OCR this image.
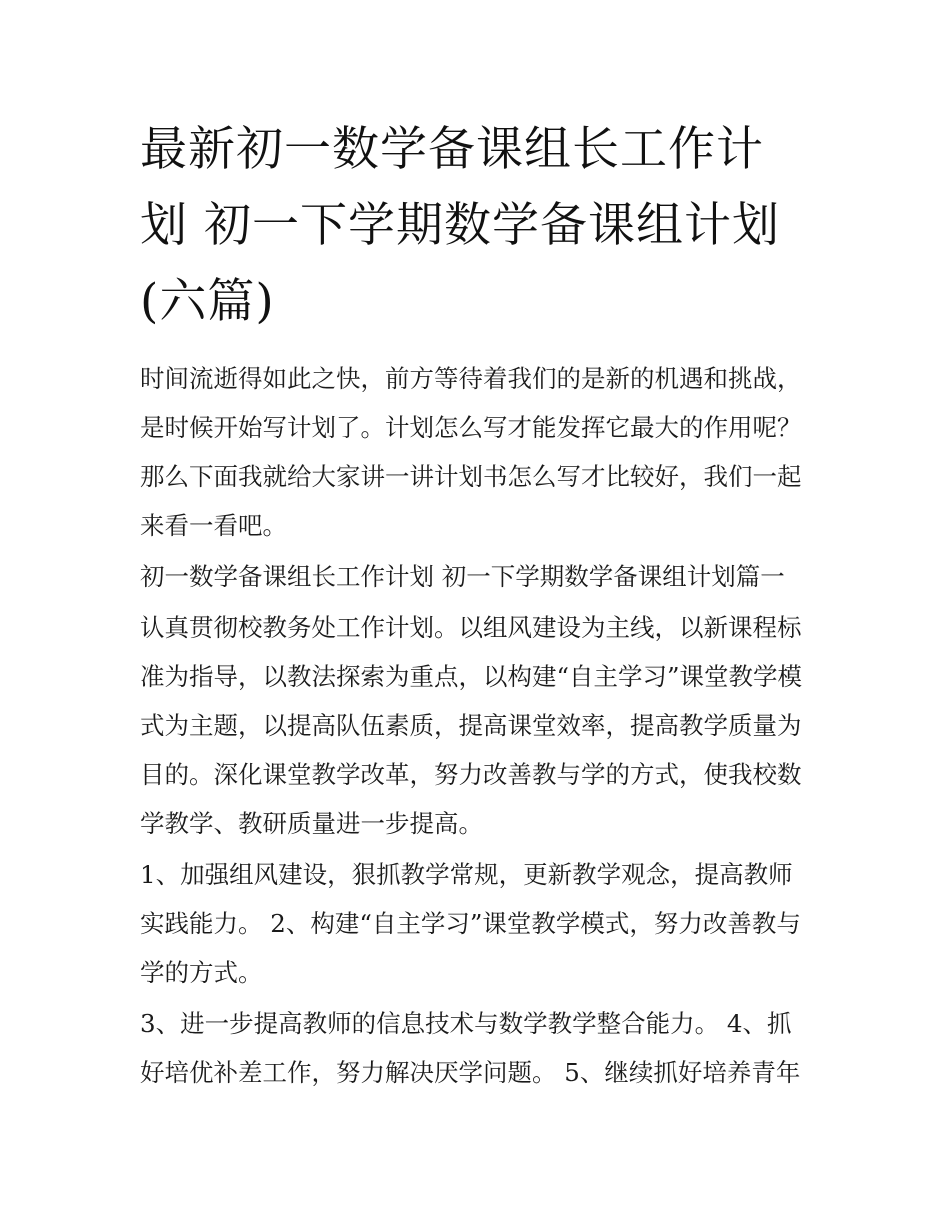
最新初一数学备课组长工作计
划 初一下学期数学备课组计划
(六篇)

时间流逝得如此之快，前方等待着我们的是新的机遇和挑战，
是时候开始写计划了。计划怎么写才能发挥它最大的作用呢？
那么下面我就给大家讲一讲计划书怎么写才比较好，我们一起
来看一看吧。

初一数学备课组长工作计划 初一下学期数学备课组计划篇一

认真贯彻校教务处工作计划。以组风建设为主线，以新课程标
准为指导，以教法探索为重点，以构建“自主学习”课堂教学模
式为主题，以提高队伍素质，提高课堂效率，提高教学质量为
目的。深化课堂教学改革，努力改善教与学的方式，使我校数
学教学、教研质量进一步提高。

1、加强组风建设，狠抓教学常规，更新教学观念，提高教师
实践能力。 2、构建“自主学习”课堂教学模式，努力改善教与
学的方式。

3、进一步提高教师的信息技术与数学教学整合能力。 4、抓
好培优补差工作，努力解决厌学问题。 5、继续抓好培养青年
